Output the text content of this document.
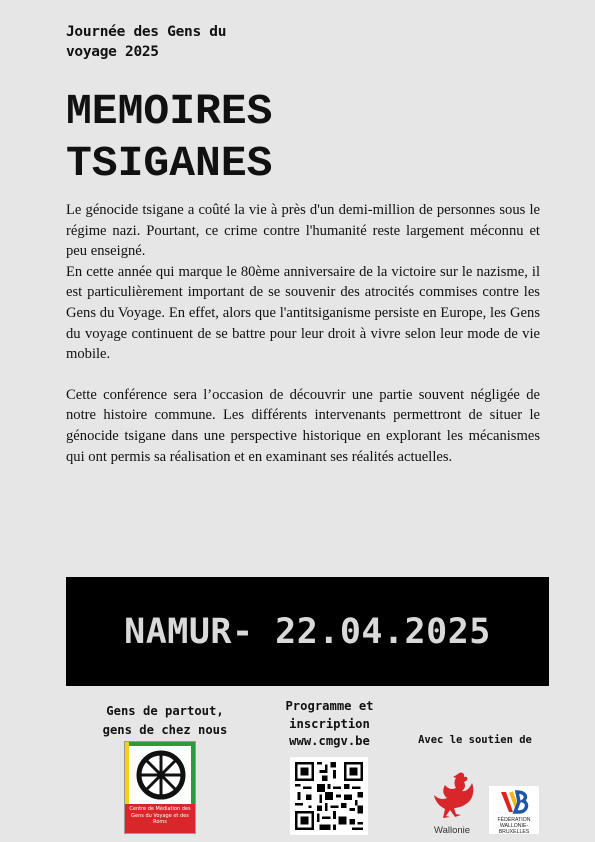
Journée des Gens du
voyage 2025
MEMOIRES
TSIGANES

Le génocide tsigane a coûté la vie à près d'un demi-million de personnes sous le régime nazi. Pourtant, ce crime contre l'humanité reste largement méconnu et peu enseigné.

En cette année qui marque le 80ème anniversaire de la victoire sur le nazisme, il est particulièrement important de se souvenir des atrocités commises contre les Gens du Voyage. En effet, alors que l'antitsiganisme persiste en Europe, les Gens du voyage continuent de se battre pour leur droit à vivre selon leur mode de vie mobile.

Cette conférence sera l’occasion de découvrir une partie souvent négligée de notre histoire commune. Les différents intervenants permettront de situer le génocide tsigane dans une perspective historique en explorant les mécanismes qui ont permis sa réalisation et en examinant ses réalités actuelles.

NAMUR- 22.04.2025
Gens de partout,
gens de chez nous
Centre de Médiation des Gens du Voyage et des Roms
Programme et
inscription
www.cmgv.be	Avec le soutien de
Wallonie
FÉDÉRATION
WALLONIE-BRUXELLES
